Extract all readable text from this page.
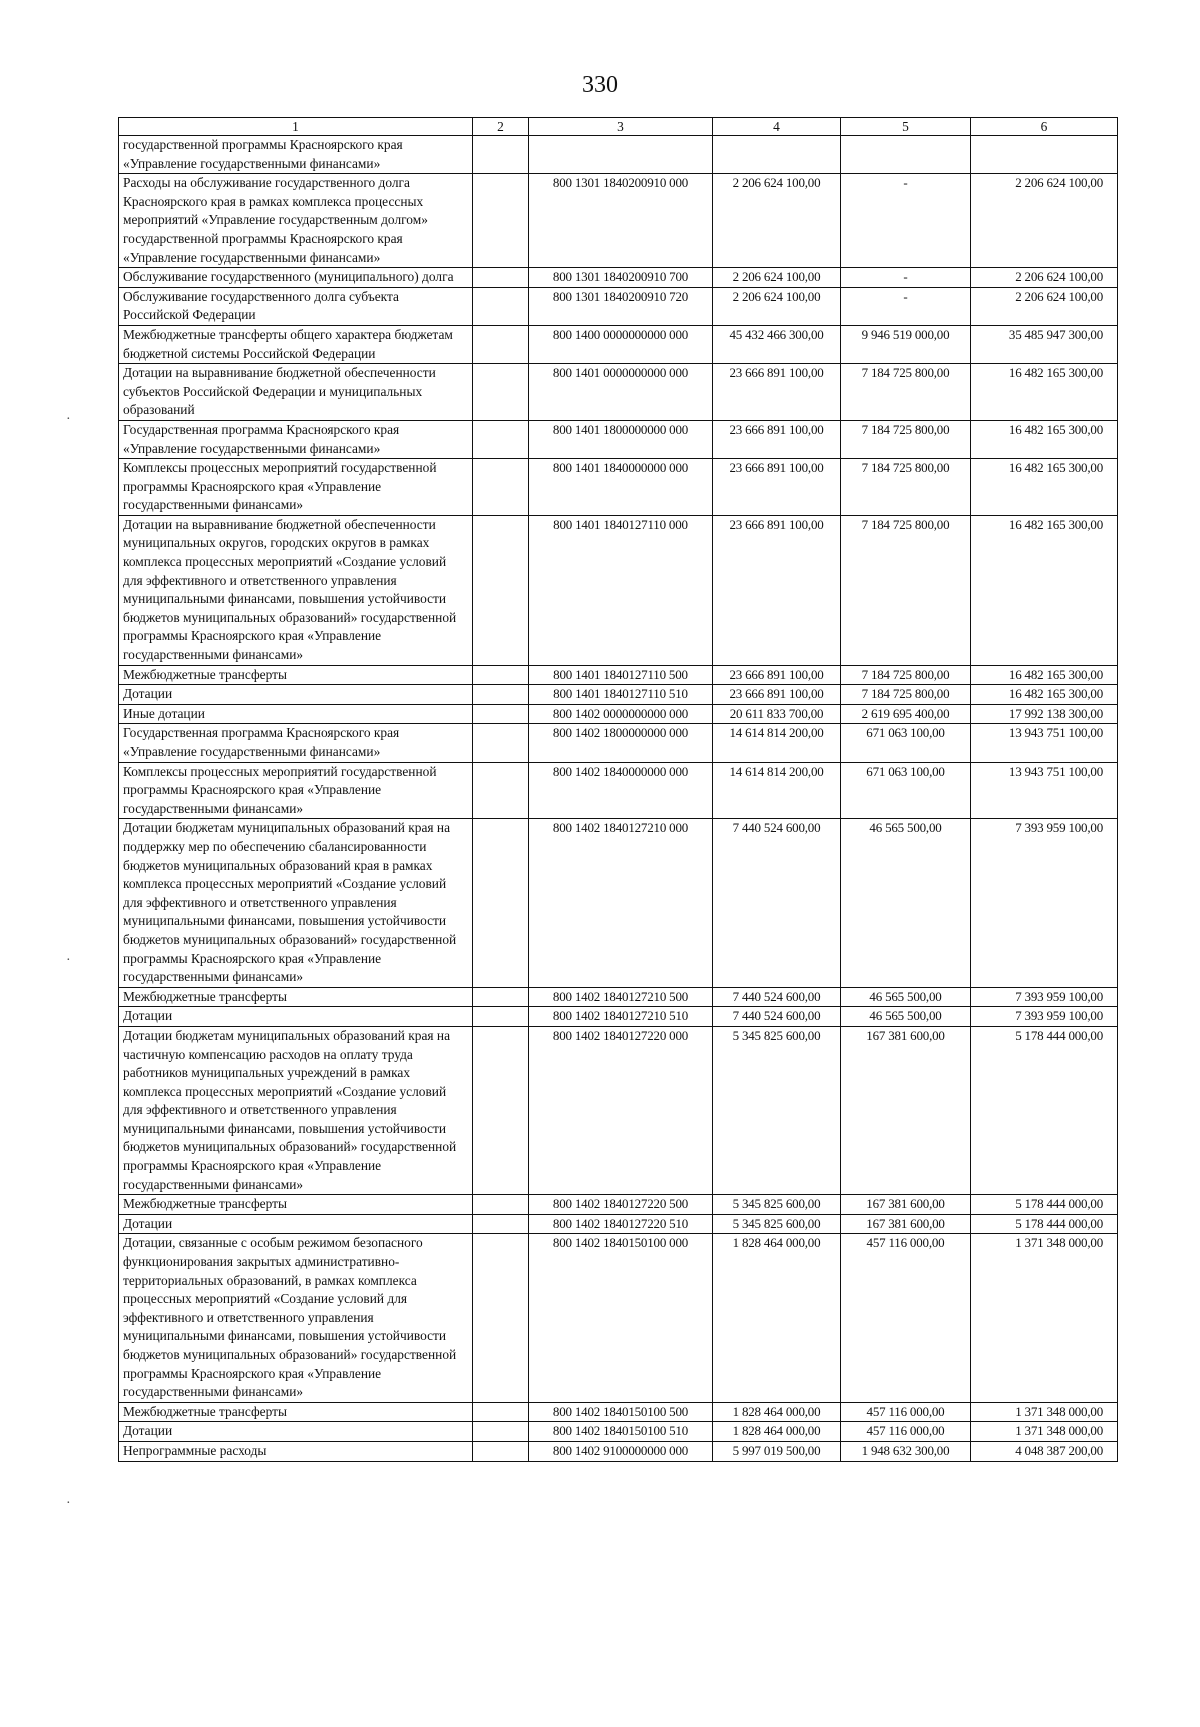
330
·
·
·
1	2	3	4	5	6
государственной программы Красноярского края «Управление государственными финансами»					
Расходы на обслуживание государственного долга Красноярского края в рамках комплекса процессных мероприятий «Управление государственным долгом» государственной программы Красноярского края «Управление государственными финансами»		800 1301 1840200910 000	2 206 624 100,00	-	2 206 624 100,00
Обслуживание государственного (муниципального) долга		800 1301 1840200910 700	2 206 624 100,00	-	2 206 624 100,00
Обслуживание государственного долга субъекта Российской Федерации		800 1301 1840200910 720	2 206 624 100,00	-	2 206 624 100,00
Межбюджетные трансферты общего характера бюджетам бюджетной системы Российской Федерации		800 1400 0000000000 000	45 432 466 300,00	9 946 519 000,00	35 485 947 300,00
Дотации на выравнивание бюджетной обеспеченности субъектов Российской Федерации и муниципальных образований		800 1401 0000000000 000	23 666 891 100,00	7 184 725 800,00	16 482 165 300,00
Государственная программа Красноярского края «Управление государственными финансами»		800 1401 1800000000 000	23 666 891 100,00	7 184 725 800,00	16 482 165 300,00
Комплексы процессных мероприятий государственной программы Красноярского края «Управление государственными финансами»		800 1401 1840000000 000	23 666 891 100,00	7 184 725 800,00	16 482 165 300,00
Дотации на выравнивание бюджетной обеспеченности муниципальных округов, городских округов в рамках комплекса процессных мероприятий «Создание условий для эффективного и ответственного управления муниципальными финансами, повышения устойчивости бюджетов муниципальных образований» государственной программы Красноярского края «Управление государственными финансами»		800 1401 1840127110 000	23 666 891 100,00	7 184 725 800,00	16 482 165 300,00
Межбюджетные трансферты		800 1401 1840127110 500	23 666 891 100,00	7 184 725 800,00	16 482 165 300,00
Дотации		800 1401 1840127110 510	23 666 891 100,00	7 184 725 800,00	16 482 165 300,00
Иные дотации		800 1402 0000000000 000	20 611 833 700,00	2 619 695 400,00	17 992 138 300,00
Государственная программа Красноярского края «Управление государственными финансами»		800 1402 1800000000 000	14 614 814 200,00	671 063 100,00	13 943 751 100,00
Комплексы процессных мероприятий государственной программы Красноярского края «Управление государственными финансами»		800 1402 1840000000 000	14 614 814 200,00	671 063 100,00	13 943 751 100,00
Дотации бюджетам муниципальных образований края на поддержку мер по обеспечению сбалансированности бюджетов муниципальных образований края в рамках комплекса процессных мероприятий «Создание условий для эффективного и ответственного управления муниципальными финансами, повышения устойчивости бюджетов муниципальных образований» государственной программы Красноярского края «Управление государственными финансами»		800 1402 1840127210 000	7 440 524 600,00	46 565 500,00	7 393 959 100,00
Межбюджетные трансферты		800 1402 1840127210 500	7 440 524 600,00	46 565 500,00	7 393 959 100,00
Дотации		800 1402 1840127210 510	7 440 524 600,00	46 565 500,00	7 393 959 100,00
Дотации бюджетам муниципальных образований края на частичную компенсацию расходов на оплату труда работников муниципальных учреждений в рамках комплекса процессных мероприятий «Создание условий для эффективного и ответственного управления муниципальными финансами, повышения устойчивости бюджетов муниципальных образований» государственной программы Красноярского края «Управление государственными финансами»		800 1402 1840127220 000	5 345 825 600,00	167 381 600,00	5 178 444 000,00
Межбюджетные трансферты		800 1402 1840127220 500	5 345 825 600,00	167 381 600,00	5 178 444 000,00
Дотации		800 1402 1840127220 510	5 345 825 600,00	167 381 600,00	5 178 444 000,00
Дотации, связанные с особым режимом безопасного функционирования закрытых административно-территориальных образований, в рамках комплекса процессных мероприятий «Создание условий для эффективного и ответственного управления муниципальными финансами, повышения устойчивости бюджетов муниципальных образований» государственной программы Красноярского края «Управление государственными финансами»		800 1402 1840150100 000	1 828 464 000,00	457 116 000,00	1 371 348 000,00
Межбюджетные трансферты		800 1402 1840150100 500	1 828 464 000,00	457 116 000,00	1 371 348 000,00
Дотации		800 1402 1840150100 510	1 828 464 000,00	457 116 000,00	1 371 348 000,00
Непрограммные расходы		800 1402 9100000000 000	5 997 019 500,00	1 948 632 300,00	4 048 387 200,00
